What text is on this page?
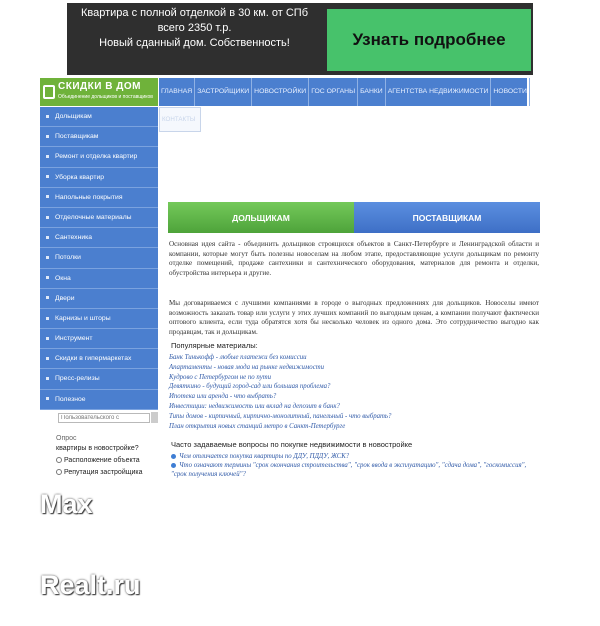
Квартира с полной отделкой в 30 км. от СПб
всего 2350 т.р.
Новый сданный дом. Собственность!	Узнать подробнее
СКИДКИ В ДОМ
Объединение дольщиков и поставщиков
ГЛАВНАЯ ЗАСТРОЙЩИКИ НОВОСТРОЙКИ ГОС ОРГАНЫ БАНКИ АГЕНТСТВА НЕДВИЖИМОСТИ НОВОСТИ
КОНТАКТЫ
Дольщикам
Поставщикам
Ремонт и отделка квартир
Уборка квартир
Напольные покрытия
Отделочные материалы
Сантехника
Потолки
Окна
Двери
Карнизы и шторы
Инструмент
Скидки в гипермаркетах
Пресс-релизы
Полезное
Пользовательского с
Опрос
квартиры в новостройке?
Расположение объекта
Репутация застройщика

Max

Realt.ru

ДОЛЬЩИКАМ	ПОСТАВЩИКАМ
Основная идея сайта - объединить дольщиков строящихся объектов в Санкт-Петербурге и Ленинградской области и компании, которые могут быть полезны новоселам на любом этапе, предоставляющие услуги дольщикам по ремонту отделке помещений, продаже сантехники и сантехнического оборудования, материалов для ремонта и отделки, обустройства интерьера и другие.
Мы договариваемся с лучшими компаниями в городе о выгодных предложениях для дольщиков. Новоселы имеют возможность заказать товар или услуги у этих лучших компаний по выгодным ценам, а компании получают фактически оптового клиента, если туда обратятся хотя бы несколько человек из одного дома. Это сотрудничество выгодно как продавцам, так и дольщикам.
Популярные материалы:
Банк Тинькофф - любые платежи без комиссии
Апартаменты - новая мода на рынке недвижимости
Кудрово с Петербургом не по пути
Девяткино - будущий город-сад или большая проблема?
Ипотека или аренда - что выбрать?
Инвестиции: недвижимость или вклад на депозит в банк?
Типы домов - кирпичный, кирпично-монолитный, панельный - что выбрать?
План открытия новых станций метро в Санкт-Петербурге
Часто задаваемые вопросы по покупке недвижимости в новостройке
Чем отличается покупка квартиры по ДДУ, ПДДУ, ЖСК?
Что означают термины "срок окончания строительства", "срок ввода в эксплуатацию", "сдача дома", "госкомиссия", "срок получения ключей"?
